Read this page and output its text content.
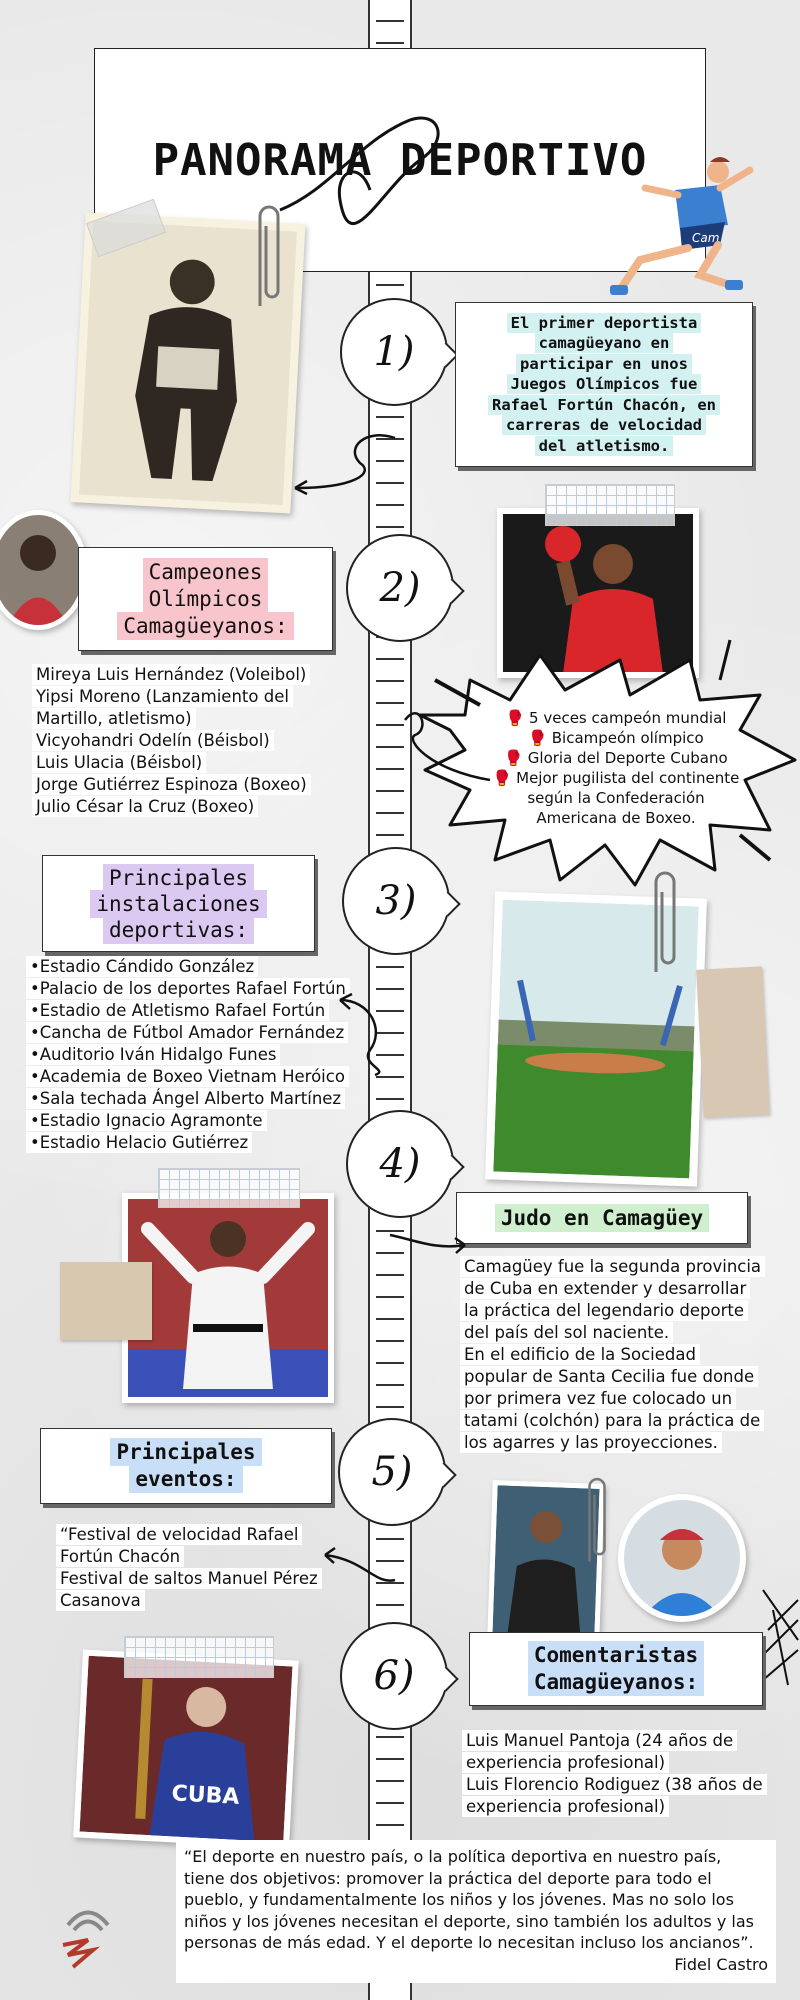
PANORAMA DEPORTIVO
Cam
1)
El primer deportista
camagüeyano en
participar en unos
Juegos Olímpicos fue
Rafael Fortún Chacón, en
carreras de velocidad
del atletismo.
Campeones
Olímpicos
Camagüeyanos:
2)
Mireya Luis Hernández (Voleibol)
Yipsi Moreno (Lanzamiento del
Martillo, atletismo)
Vicyohandri Odelín (Béisbol)
Luis Ulacia (Béisbol)
Jorge Gutiérrez Espinoza (Boxeo)
Julio César la Cruz (Boxeo)
🥊 5 veces campeón mundial
🥊 Bicampeón olímpico
🥊 Gloria del Deporte Cubano
🥊 Mejor pugilista del continente
según la Confederación
Americana de Boxeo.
Principales
instalaciones
deportivas:
3)
•Estadio Cándido González
•Palacio de los deportes Rafael Fortún
•Estadio de Atletismo Rafael Fortún
•Cancha de Fútbol Amador Fernández
•Auditorio Iván Hidalgo Funes
•Academia de Boxeo Vietnam Heróico
•Sala techada Ángel Alberto Martínez
•Estadio Ignacio Agramonte
•Estadio Helacio Gutiérrez	4)
Judo en Camagüey
Camagüey fue la segunda provincia
de Cuba en extender y desarrollar
la práctica del legendario deporte
del país del sol naciente.
En el edificio de la Sociedad
popular de Santa Cecilia fue donde
por primera vez fue colocado un
tatami (colchón) para la práctica de
los agarres y las proyecciones.
Principales
eventos:	5)
“Festival de velocidad Rafael
Fortún Chacón
Festival de saltos Manuel Pérez
Casanova
6)	Comentaristas
Camagüeyanos:
Luis Manuel Pantoja (24 años de
experiencia profesional)
Luis Florencio Rodiguez (38 años de
experiencia profesional)
CUBA
“El deporte en nuestro país, o la política deportiva en nuestro país,
tiene dos objetivos: promover la práctica del deporte para todo el
pueblo, y fundamentalmente los niños y los jóvenes. Mas no solo los
niños y los jóvenes necesitan el deporte, sino también los adultos y las
personas de más edad. Y el deporte lo necesitan incluso los ancianos”.
Fidel Castro
